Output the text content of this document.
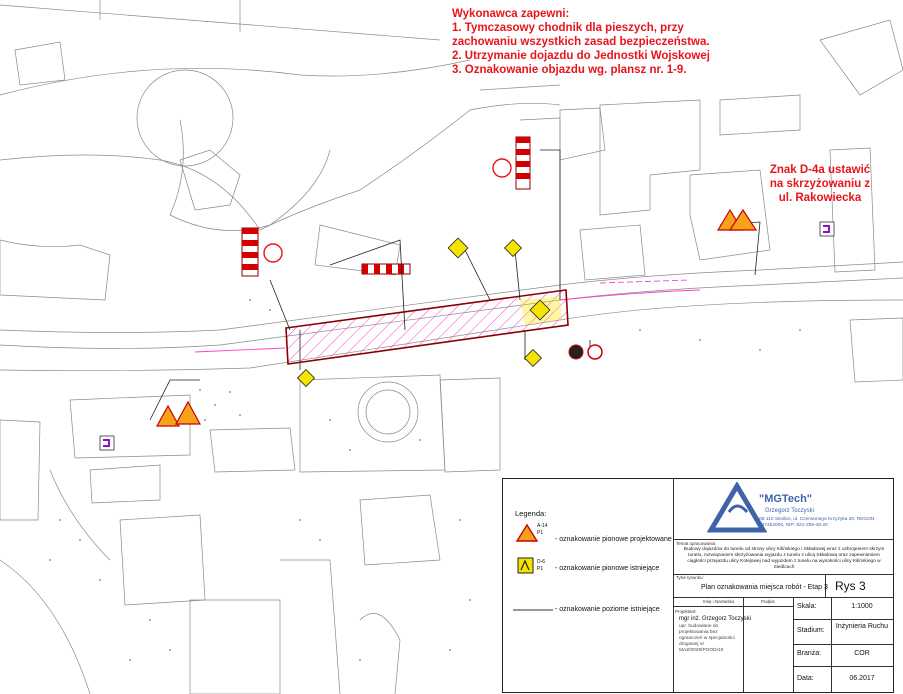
Wykonawca zapewni:
1. Tymczasowy chodnik dla pieszych, przy
zachowaniu wszystkich zasad bezpieczeństwa.
2. Utrzymanie dojazdu do Jednostki Wojskowej
3. Oznakowanie objazdu wg. plansz nr. 1-9.
Znak D-4a ustawić
na skrzyżowaniu z
ul. Rakowiecka
Legenda:
A-14
P1
- oznakowanie pionowe projektowane
D-6
P1 - oznakowanie pionowe istniejące
- oznakowanie poziome istniejące
"MGTech"
Grzegorz Toczyski
08-110 Siedlce, ul. Czerwonego Krzyżyka 20, REGON: 147452006, NIP: 821-259-48-20
Temat opracowania:
Budowy dojazdów do tunelu od strony ulicy Kilińskiego i Składowej wraz z uzbrojeniem skrzyni tunelu, rozwiązaniem skrzyżowania wyjazdu z tunelu z ulicą Składową oraz zapewnieniem ciągłości przejazdu ulicy Kolejowej nad wyjazdem z tunelu na wysokości ulicy Kilińskiego w Siedlcach
Tytuł rysunku:
Plan oznakowania miejsca robót - Etap 3 Rys 3
Imię i Nazwisko	Podpis
Projektant:
mgr inż. Grzegorz Toczyski
upr. budowlane do projektowania bez ograniczeń w specjalności drogowej nr MAZ/0029/POOD/10
Skala:	1:1000
Stadium:
Inżynieria Ruchu
Branża:	COR
Data:	06.2017
